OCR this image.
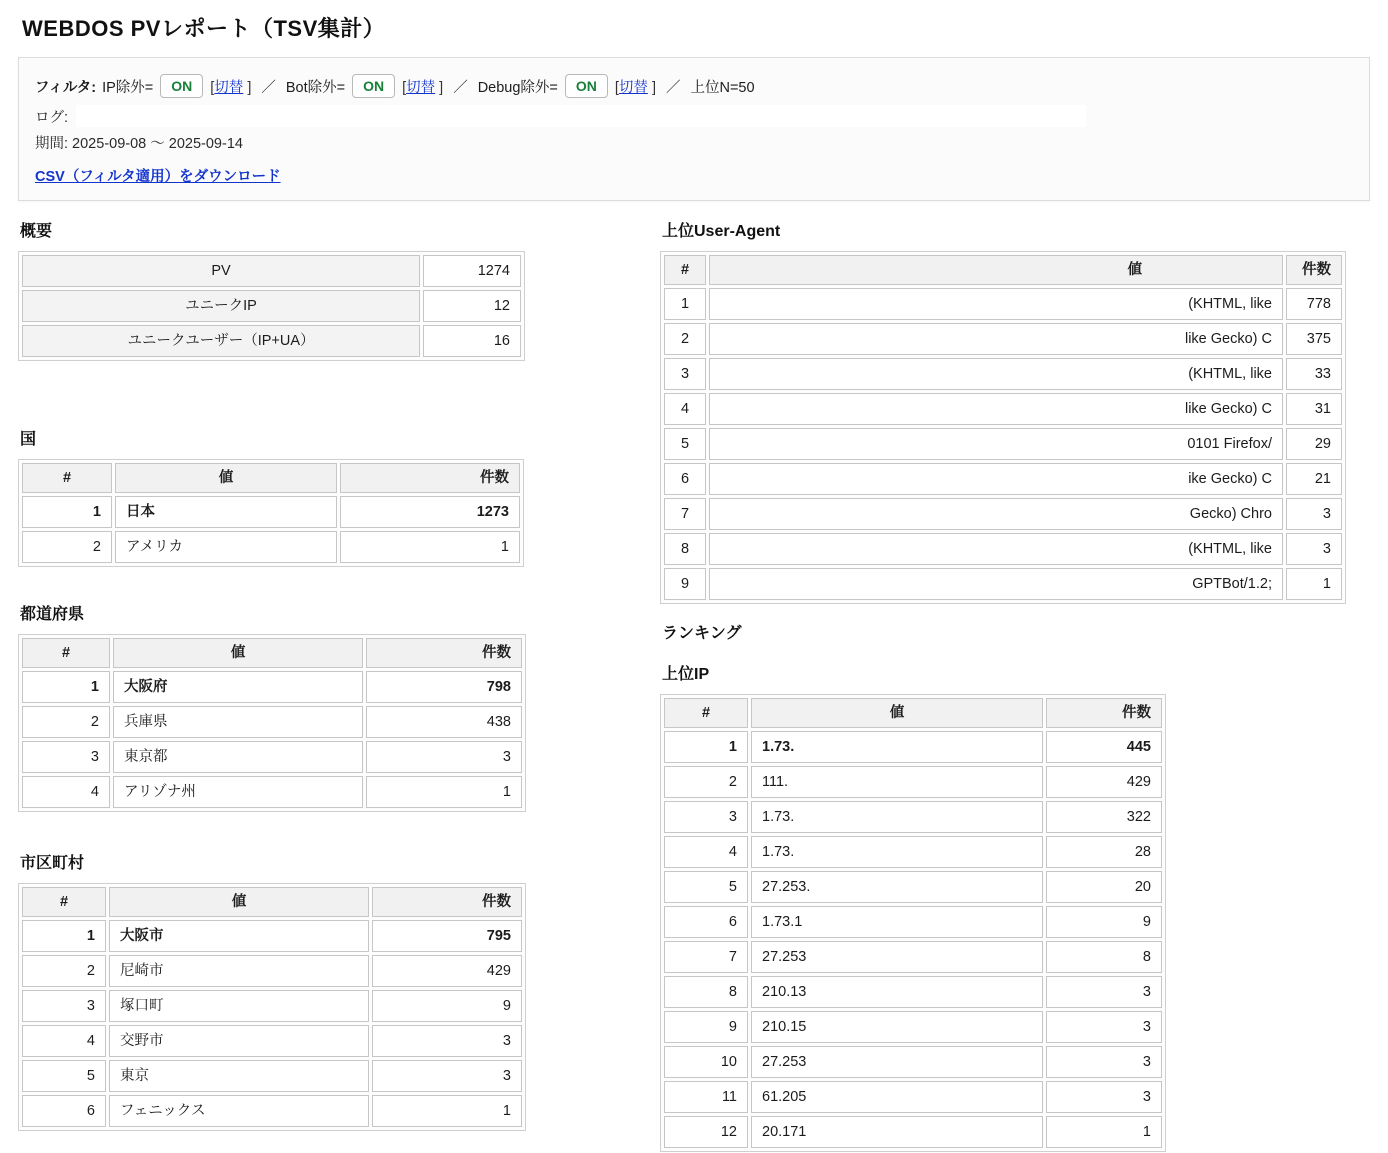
WEBDOS PVレポート（TSV集計）
フィルタ: IP除外=	ON	[切替 ] ／ Bot除外=	ON	[切替 ] ／ Debug除外=	ON	[切替 ] ／ 上位N=50
ログ:
期間: 2025-09-08 ～ 2025-09-14
CSV（フィルタ適用）をダウンロード
概要
PV	1274
ユニークIP	12
ユニークユーザー（IP+UA）	16
国
#	値	件数
1	日本	1273
2	アメリカ	1
都道府県
#	値	件数
1	大阪府	798
2	兵庫県	438
3	東京都	3
4	アリゾナ州	1
市区町村
#	値	件数
1	大阪市	795
2	尼崎市	429
3	塚口町	9
4	交野市	3
5	東京	3
6	フェニックス	1
上位User-Agent
#	値	件数
1	(KHTML, like	778
2	like Gecko) C	375
3	(KHTML, like	33
4	like Gecko) C	31
5	0101 Firefox/	29
6	ike Gecko) C	21
7	Gecko) Chro	3
8	(KHTML, like	3
9	GPTBot/1.2;	1
ランキング
上位IP
#	値	件数
1	1.73.	445
2	111.	429
3	1.73.	322
4	1.73.	28
5	27.253.	20
6	1.73.1	9
7	27.253	8
8	210.13	3
9	210.15	3
10	27.253	3
11	61.205	3
12	20.171	1
